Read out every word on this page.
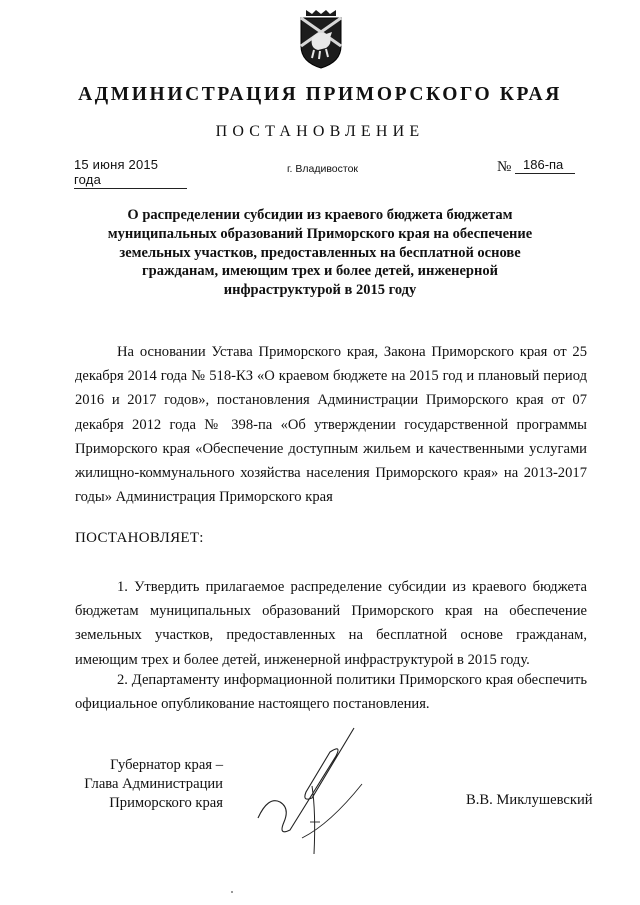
АДМИНИСТРАЦИЯ ПРИМОРСКОГО КРАЯ
ПОСТАНОВЛЕНИЕ
15 июня 2015 года
г. Владивосток	№ 186-па
О распределении субсидии из краевого бюджета бюджетам муниципальных образований Приморского края на обеспечение земельных участков, предоставленных на бесплатной основе гражданам, имеющим трех и более детей, инженерной инфраструктурой в 2015 году
На основании Устава Приморского края, Закона Приморского края от 25 декабря 2014 года № 518-КЗ «О краевом бюджете на 2015 год и плановый период 2016 и 2017 годов», постановления Администрации Приморского края от 07 декабря 2012 года № 398-па «Об утверждении государственной программы Приморского края «Обеспечение доступным жильем и качественными услугами жилищно-коммунального хозяйства населения Приморского края» на 2013-2017 годы» Администрация Приморского края
ПОСТАНОВЛЯЕТ:
1. Утвердить прилагаемое распределение субсидии из краевого бюджета бюджетам муниципальных образований Приморского края на обеспечение земельных участков, предоставленных на бесплатной основе гражданам, имеющим трех и более детей, инженерной инфраструктурой в 2015 году.
2. Департаменту информационной политики Приморского края обеспечить официальное опубликование настоящего постановления.
Губернатор края –
Глава Администрации
Приморского края	В.В. Миклушевский
